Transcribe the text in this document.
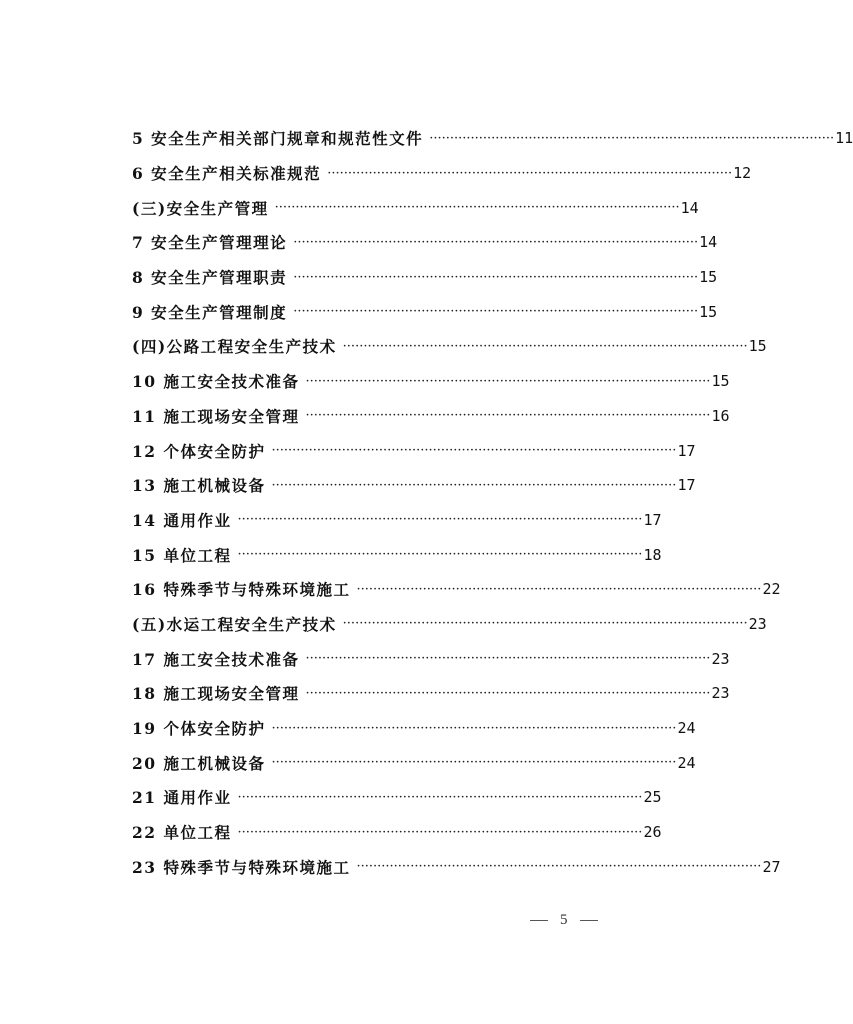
5 安全生产相关部门规章和规范性文件 ·································································································· 11
6 安全生产相关标准规范 ·································································································· 12
(三)安全生产管理 ·································································································· 14
7 安全生产管理理论 ·································································································· 14
8 安全生产管理职责 ·································································································· 15
9 安全生产管理制度 ·································································································· 15
(四)公路工程安全生产技术 ·································································································· 15
10 施工安全技术准备 ·································································································· 15
11 施工现场安全管理 ·································································································· 16
12 个体安全防护 ·································································································· 17
13 施工机械设备 ·································································································· 17
14 通用作业 ·································································································· 17
15 单位工程 ·································································································· 18
16 特殊季节与特殊环境施工 ·································································································· 22
(五)水运工程安全生产技术 ·································································································· 23
17 施工安全技术准备 ·································································································· 23
18 施工现场安全管理 ·································································································· 23
19 个体安全防护 ·································································································· 24
20 施工机械设备 ·································································································· 24
21 通用作业 ·································································································· 25
22 单位工程 ·································································································· 26
23 特殊季节与特殊环境施工 ·································································································· 27
5
